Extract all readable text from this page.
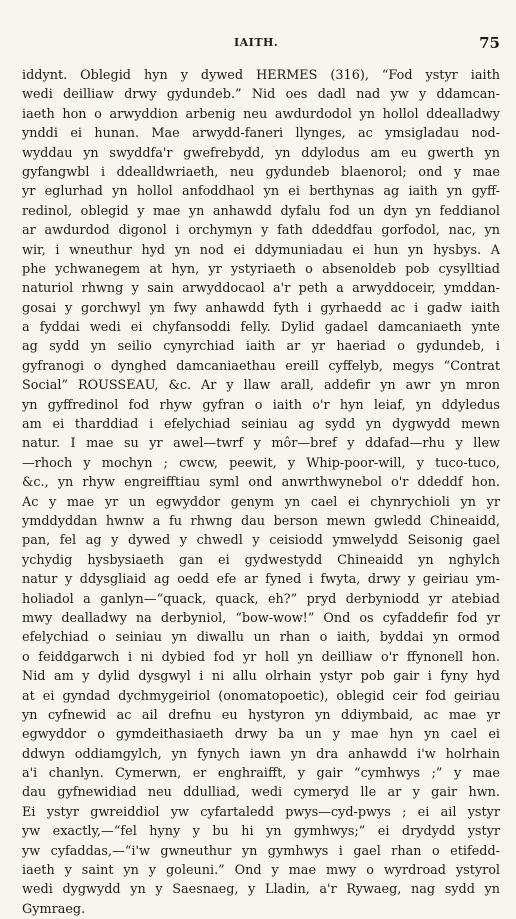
IAITH.	75
iddynt. Oblegid hyn y dywed HERMES (316), “Fod ystyr iaith
wedi deilliaw drwy gydundeb.” Nid oes dadl nad yw y ddamcan-
iaeth hon o arwyddion arbenig neu awdurdodol yn hollol ddealladwy
ynddi ei hunan. Mae arwydd-faneri llynges, ac ymsigladau nod-
wyddau yn swyddfa'r gwefrebydd, yn ddylodus am eu gwerth yn
gyfangwbl i ddealldwriaeth, neu gydundeb blaenorol; ond y mae
yr eglurhad yn hollol anfoddhaol yn ei berthynas ag iaith yn gyff-
redinol, oblegid y mae yn anhawdd dyfalu fod un dyn yn feddianol
ar awdurdod digonol i orchymyn y fath ddeddfau gorfodol, nac, yn
wir, i wneuthur hyd yn nod ei ddymuniadau ei hun yn hysbys. A
phe ychwanegem at hyn, yr ystyriaeth o absenoldeb pob cysylltiad
naturiol rhwng y sain arwyddocaol a'r peth a arwyddoceir, ymddan-
gosai y gorchwyl yn fwy anhawdd fyth i gyrhaedd ac i gadw iaith
a fyddai wedi ei chyfansoddi felly. Dylid gadael damcaniaeth ynte
ag sydd yn seilio cynyrchiad iaith ar yr haeriad o gydundeb, i
gyfranogi o dynghed damcaniaethau ereill cyffelyb, megys “Contrat
Social” ROUSSEAU, &c. Ar y llaw arall, addefir yn awr yn mron
yn gyffredinol fod rhyw gyfran o iaith o'r hyn leiaf, yn ddyledus
am ei tharddiad i efelychiad seiniau ag sydd yn dygwydd mewn
natur. I mae su yr awel—twrf y môr—bref y ddafad—rhu y llew
—rhoch y mochyn ; cwcw, peewit, y Whip-poor-will, y tuco-tuco,
&c., yn rhyw engreifftiau syml ond anwrthwynebol o'r ddeddf hon.
Ac y mae yr un egwyddor genym yn cael ei chynrychioli yn yr
ymddyddan hwnw a fu rhwng dau berson mewn gwledd Chineaidd,
pan, fel ag y dywed y chwedl y ceisiodd ymwelydd Seisonig gael
ychydig hysbysiaeth gan ei gydwestydd Chineaidd yn nghylch
natur y ddysgliaid ag oedd efe ar fyned i fwyta, drwy y geiriau ym-
holiadol a ganlyn—“quack, quack, eh?” pryd derbyniodd yr atebiad
mwy dealladwy na derbyniol, “bow-wow!” Ond os cyfaddefir fod yr
efelychiad o seiniau yn diwallu un rhan o iaith, byddai yn ormod
o feiddgarwch i ni dybied fod yr holl yn deilliaw o'r ffynonell hon.
Nid am y dylid dysgwyl i ni allu olrhain ystyr pob gair i fyny hyd
at ei gyndad dychmygeiriol (onomatopoetic), oblegid ceir fod geiriau
yn cyfnewid ac ail drefnu eu hystyron yn ddiymbaid, ac mae yr
egwyddor o gymdeithasiaeth drwy ba un y mae hyn yn cael ei
ddwyn oddiamgylch, yn fynych iawn yn dra anhawdd i'w holrhain
a'i chanlyn. Cymerwn, er enghraifft, y gair “cymhwys ;” y mae
dau gyfnewidiad neu ddulliad, wedi cymeryd lle ar y gair hwn.
Ei ystyr gwreiddiol yw cyfartaledd pwys—cyd-pwys ; ei ail ystyr
yw exactly,—“fel hyny y bu hi yn gymhwys;” ei drydydd ystyr
yw cyfaddas,—“i'w gwneuthur yn gymhwys i gael rhan o etifedd-
iaeth y saint yn y goleuni.” Ond y mae mwy o wyrdroad ystyrol
wedi dygwydd yn y Saesnaeg, y Lladin, a'r Rywaeg, nag sydd yn
Gymraeg.
